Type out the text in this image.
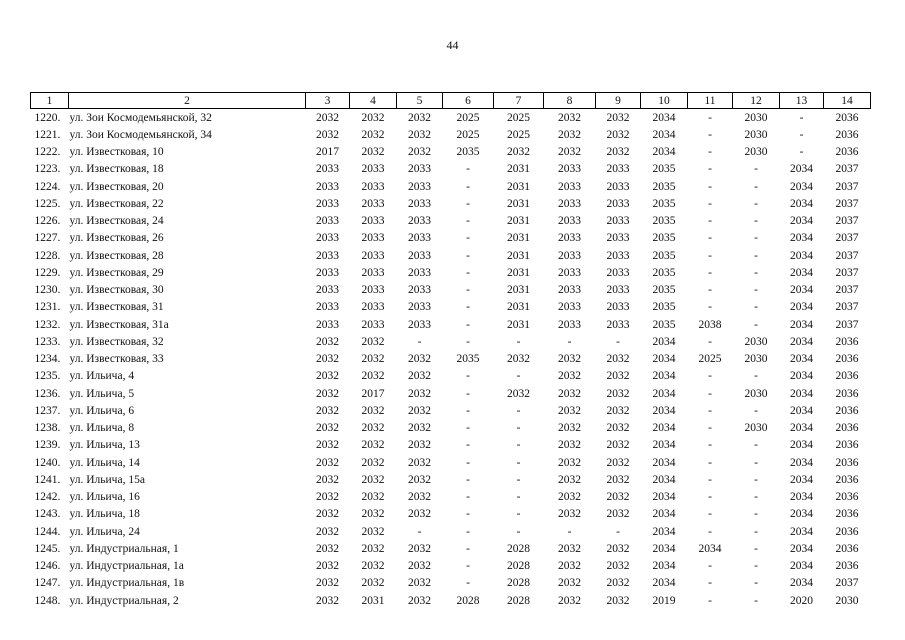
44
1	2	3	4	5	6	7	8	9	10	11	12	13	14
1220.	ул. Зои Космодемьянской, 32	2032	2032	2032	2025	2025	2032	2032	2034	-	2030	-	2036
1221.	ул. Зои Космодемьянской, 34	2032	2032	2032	2025	2025	2032	2032	2034	-	2030	-	2036
1222.	ул. Известковая, 10	2017	2032	2032	2035	2032	2032	2032	2034	-	2030	-	2036
1223.	ул. Известковая, 18	2033	2033	2033	-	2031	2033	2033	2035	-	-	2034	2037
1224.	ул. Известковая, 20	2033	2033	2033	-	2031	2033	2033	2035	-	-	2034	2037
1225.	ул. Известковая, 22	2033	2033	2033	-	2031	2033	2033	2035	-	-	2034	2037
1226.	ул. Известковая, 24	2033	2033	2033	-	2031	2033	2033	2035	-	-	2034	2037
1227.	ул. Известковая, 26	2033	2033	2033	-	2031	2033	2033	2035	-	-	2034	2037
1228.	ул. Известковая, 28	2033	2033	2033	-	2031	2033	2033	2035	-	-	2034	2037
1229.	ул. Известковая, 29	2033	2033	2033	-	2031	2033	2033	2035	-	-	2034	2037
1230.	ул. Известковая, 30	2033	2033	2033	-	2031	2033	2033	2035	-	-	2034	2037
1231.	ул. Известковая, 31	2033	2033	2033	-	2031	2033	2033	2035	-	-	2034	2037
1232.	ул. Известковая, 31а	2033	2033	2033	-	2031	2033	2033	2035	2038	-	2034	2037
1233.	ул. Известковая, 32	2032	2032	-	-	-	-	-	2034	-	2030	2034	2036
1234.	ул. Известковая, 33	2032	2032	2032	2035	2032	2032	2032	2034	2025	2030	2034	2036
1235.	ул. Ильича, 4	2032	2032	2032	-	-	2032	2032	2034	-	-	2034	2036
1236.	ул. Ильича, 5	2032	2017	2032	-	2032	2032	2032	2034	-	2030	2034	2036
1237.	ул. Ильича, 6	2032	2032	2032	-	-	2032	2032	2034	-	-	2034	2036
1238.	ул. Ильича, 8	2032	2032	2032	-	-	2032	2032	2034	-	2030	2034	2036
1239.	ул. Ильича, 13	2032	2032	2032	-	-	2032	2032	2034	-	-	2034	2036
1240.	ул. Ильича, 14	2032	2032	2032	-	-	2032	2032	2034	-	-	2034	2036
1241.	ул. Ильича, 15а	2032	2032	2032	-	-	2032	2032	2034	-	-	2034	2036
1242.	ул. Ильича, 16	2032	2032	2032	-	-	2032	2032	2034	-	-	2034	2036
1243.	ул. Ильича, 18	2032	2032	2032	-	-	2032	2032	2034	-	-	2034	2036
1244.	ул. Ильича, 24	2032	2032	-	-	-	-	-	2034	-	-	2034	2036
1245.	ул. Индустриальная, 1	2032	2032	2032	-	2028	2032	2032	2034	2034	-	2034	2036
1246.	ул. Индустриальная, 1а	2032	2032	2032	-	2028	2032	2032	2034	-	-	2034	2036
1247.	ул. Индустриальная, 1в	2032	2032	2032	-	2028	2032	2032	2034	-	-	2034	2037
1248.	ул. Индустриальная, 2	2032	2031	2032	2028	2028	2032	2032	2019	-	-	2020	2030
